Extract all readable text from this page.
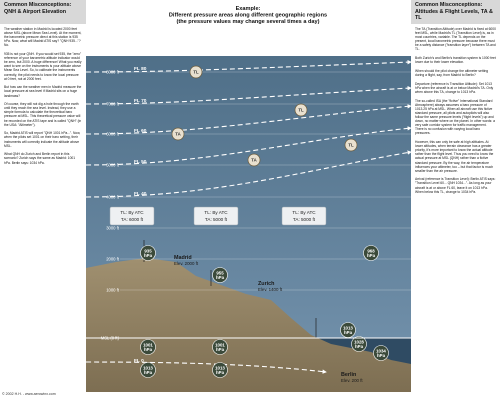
Common Misconceptions:
QNH & Airport Elevation

The weather station in Madrid is located 2000 feet above MSL (above Mean Sea Level). At the moment, the barometric pressure direct at this station is 935 hPa. Now, what will Madrid ATIS say? "QNH 935..."? No.

935 is not your QNH. If you would set 935, the "zero" reference of your barometric altitude indicator would be zero, but 2000. A huge difference! What you really want to see on the instruments is your altitude above Mean Sea Level. So, to calibrate the instruments correctly, the pilot needs to know the local pressure at 0 feet, not at 2000 feet.

But how can the weather men in Madrid measure the local pressure at sea level if Madrid sits on a huge landmass?

Of course, they will not dig a hole through the earth until they reach the sea level. Instead, they use a simple formula to calculate the theoretical baro pressure at MSL. This theoretical pressure value will be recorded on the ATIS tape and is called "QNH" (in the USA: "Altimeter").

So, Madrid ATIS will report "QNH 1001 hPa...". Now, when the pilots set 1001 on their baro setting, their instruments will correctly indicate the altitude above MSL.

What QNH do Zurich and Berlin report in this scenario? Zurich says the same as Madrid: 1001 hPa. Berlin says: 1034 hPa.

8000 ft
7000 ft
6000 ft
5000 ft
4000 ft
3000 ft
2000 ft
1000 ft
MSL (0 ft)
FL 80
FL 70
FL 60
FL 50
FL 40
FL 0
Example: Different pressure areas along different geographic regions (the pressure values may change several times a day)
TL
TL
TL
TA
TA
TL: By ATC
TA: 6000 ft
TL: By ATC
TA: 5000 ft
TL: By ATC
TA: 5000 ft
Madrid
Elev. 2000 ft
Zurich
Elev. 1400 ft
Berlin
Elev. 200 ft
935 hPa
955 hPa
968 hPa
1001 hPa
1013 hPa
1001 hPa
1013 hPa
1013 hPa
1028 hPa
1034 hPa
Common Misconceptions:
Altitudes & Flight Levels, TA & TL

The TA (Transition Altitude) over Madrid is fixed at 6000 feet MSL, while Madrid's TL (Transition Level) is, as in most countries, variable. The TL depends on the present, local barometric pressure because there must be a safety distance ("transition layer") between TA and TL.

Both Zurich's and Berlin's transition system is 1000 feet lower due to their lower elevation.

When should the pilot change the altimeter setting during a flight, say, from Madrid to Berlin?

Departure (reference is Transition Altitude): Set 1013 hPa when the aircraft is at or below Madrid's TA. Only when above this TA, change to 1013 hPa.

The so-called ISA (the "fictive" International Standard Atmosphere) always assumes a baro pressure of 1013.25 hPa at MSL. When all aircraft use this fictive standard pressure, all pilots and autopilots will also follow the same pressure levels ("flight levels") up and down, no matter where on the planet. In other words: a very safe corridor system for traffic management. There is no confusion with varying local baro pressures.

However, this can only be safe at high altitudes. At lower altitudes, when terrain clearance has a greater priority, it's more important to know the actual altitude rather than the flight level. Thus you need to know the actual pressure at MSL (QNH) rather than a fictive standard pressure. By the way, the air temperature influences your altimeter, too – but that factor is much smaller than the air pressure.

Arrival (reference is Transition Level): Berlin ATIS says: "Transition Level 60... QNH 1034...". As long as your aircraft is at or above FL 60, leave it on 1013 hPa. When below this TL, change to 1034 hPa.

© 2002 H.H. - www.aerowinx.com
